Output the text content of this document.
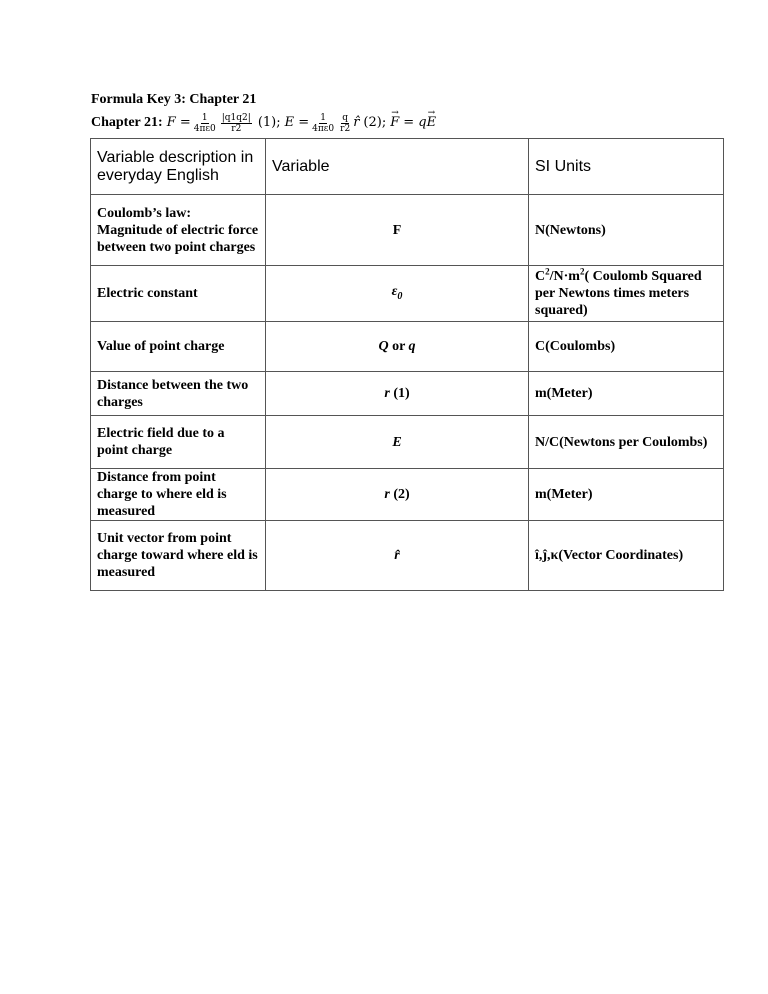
Formula Key 3: Chapter 21
Chapter 21: $F = \frac{1}{4\pi\varepsilon 0} \frac{|q1q2|}{r2} (1)$; $E = \frac{1}{4\pi\varepsilon 0} \frac{q}{r2}$ r̂ (2); → F = q → E
Variable description in everyday English	Variable	SI Units
Coulomb’s law: Magnitude of electric force between two point charges	F	N(Newtons)
Electric constant	$\varepsilon_0$	$C^2/N\cdot m^2$( Coulomb Squared per Newtons times meters squared)
Value of point charge	Q or q	C(Coulombs)
Distance between the two charges	r (1)	m(Meter)
Electric field due to a point charge	E	N/C(Newtons per Coulombs)
Distance from point charge to where eld is measured	r (2)	m(Meter)
Unit vector from point charge toward where eld is measured	r̂	î,ĵ,κ(Vector Coordinates)
